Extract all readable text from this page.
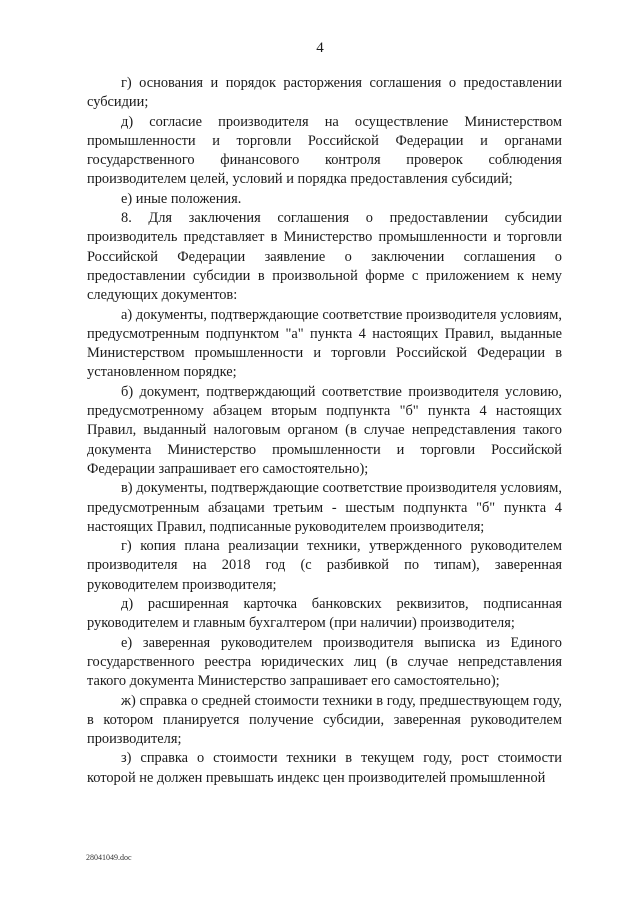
4

г) основания и порядок расторжения соглашения о предоставлении субсидии;

д) согласие производителя на осуществление Министерством промышленности и торговли Российской Федерации и органами государственного финансового контроля проверок соблюдения производителем целей, условий и порядка предоставления субсидий;

е) иные положения.

8. Для заключения соглашения о предоставлении субсидии производитель представляет в Министерство промышленности и торговли Российской Федерации заявление о заключении соглашения о предоставлении субсидии в произвольной форме с приложением к нему следующих документов:

а) документы, подтверждающие соответствие производителя условиям, предусмотренным подпунктом "а" пункта 4 настоящих Правил, выданные Министерством промышленности и торговли Российской Федерации в установленном порядке;

б) документ, подтверждающий соответствие производителя условию, предусмотренному абзацем вторым подпункта "б" пункта 4 настоящих Правил, выданный налоговым органом (в случае непредставления такого документа Министерство промышленности и торговли Российской Федерации запрашивает его самостоятельно);

в) документы, подтверждающие соответствие производителя условиям, предусмотренным абзацами третьим - шестым подпункта "б" пункта 4 настоящих Правил, подписанные руководителем производителя;

г) копия плана реализации техники, утвержденного руководителем производителя на 2018 год (с разбивкой по типам), заверенная руководителем производителя;

д) расширенная карточка банковских реквизитов, подписанная руководителем и главным бухгалтером (при наличии) производителя;

е) заверенная руководителем производителя выписка из Единого государственного реестра юридических лиц (в случае непредставления такого документа Министерство запрашивает его самостоятельно);

ж) справка о средней стоимости техники в году, предшествующем году, в котором планируется получение субсидии, заверенная руководителем производителя;

з) справка о стоимости техники в текущем году, рост стоимости которой не должен превышать индекс цен производителей промышленной

28041049.doc
